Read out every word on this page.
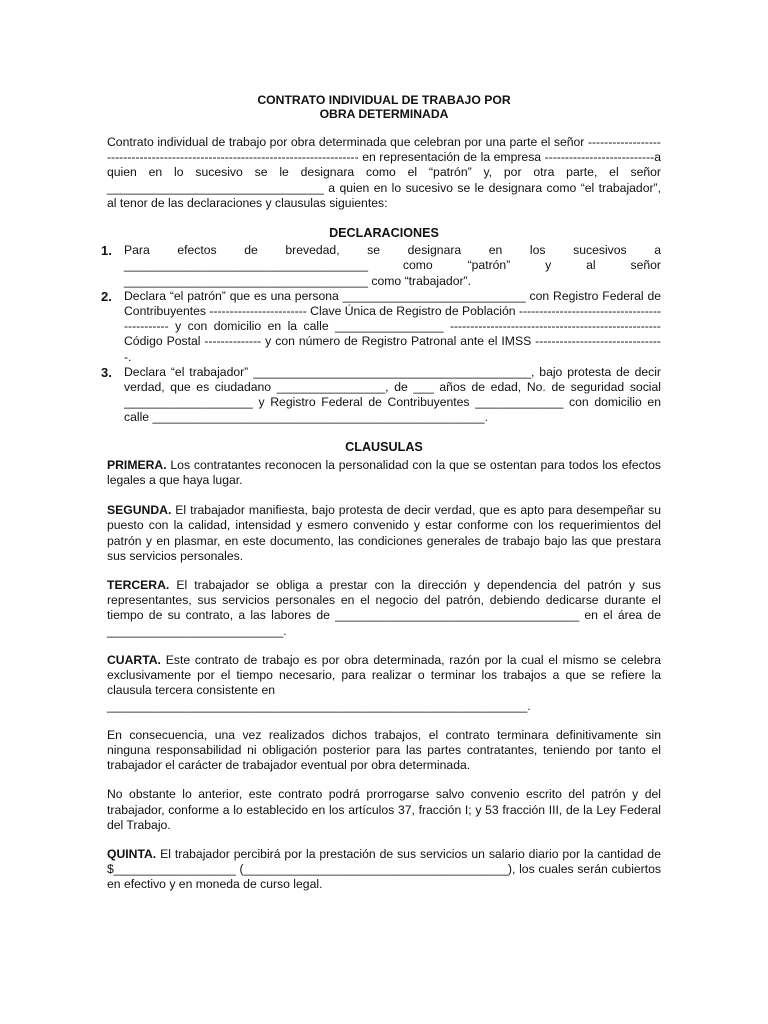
CONTRATO INDIVIDUAL DE TRABAJO POR

OBRA DETERMINADA

Contrato individual de trabajo por obra determinada que celebran por una parte el señor -------------------------------------------------------------------------------- en representación de la empresa ---------------------------a quien en lo sucesivo se le designara como el “patrón” y, por otra parte, el señor ________________________________ a quien en lo sucesivo se le designara como “el trabajador”, al tenor de las declaraciones y clausulas siguientes:

DECLARACIONES

1. Para efectos de brevedad, se designara en los sucesivos a ____________________________________ como “patrón” y al señor ____________________________________ como “trabajador”.

2. Declara “el patrón” que es una persona ___________________________ con Registro Federal de Contribuyentes ------------------------ Clave Única de Registro de Población ---------------------------------------------- y con domicilio en la calle ________________ ---------------------------------------------------- Código Postal -------------- y con número de Registro Patronal ante el IMSS --------------------------------.

3. Declara “el trabajador” _________________________________________, bajo protesta de decir verdad, que es ciudadano ________________, de ___ años de edad, No. de seguridad social ___________________ y Registro Federal de Contribuyentes _____________ con domicilio en calle _________________________________________________.

CLAUSULAS

PRIMERA. Los contratantes reconocen la personalidad con la que se ostentan para todos los efectos legales a que haya lugar.

SEGUNDA. El trabajador manifiesta, bajo protesta de decir verdad, que es apto para desempeñar su puesto con la calidad, intensidad y esmero convenido y estar conforme con los requerimientos del patrón y en plasmar, en este documento, las condiciones generales de trabajo bajo las que prestara sus servicios personales.

TERCERA. El trabajador se obliga a prestar con la dirección y dependencia del patrón y sus representantes, sus servicios personales en el negocio del patrón, debiendo dedicarse durante el tiempo de su contrato, a las labores de ____________________________________ en el área de __________________________.

CUARTA. Este contrato de trabajo es por obra determinada, razón por la cual el mismo se celebra exclusivamente por el tiempo necesario, para realizar o terminar los trabajos a que se refiere la clausula tercera consistente en

______________________________________________________________.

En consecuencia, una vez realizados dichos trabajos, el contrato terminara definitivamente sin ninguna responsabilidad ni obligación posterior para las partes contratantes, teniendo por tanto el trabajador el carácter de trabajador eventual por obra determinada.

No obstante lo anterior, este contrato podrá prorrogarse salvo convenio escrito del patrón y del trabajador, conforme a lo establecido en los artículos 37, fracción I; y 53 fracción III, de la Ley Federal del Trabajo.

QUINTA. El trabajador percibirá por la prestación de sus servicios un salario diario por la cantidad de $__________________ (_______________________________________), los cuales serán cubiertos en efectivo y en moneda de curso legal.
